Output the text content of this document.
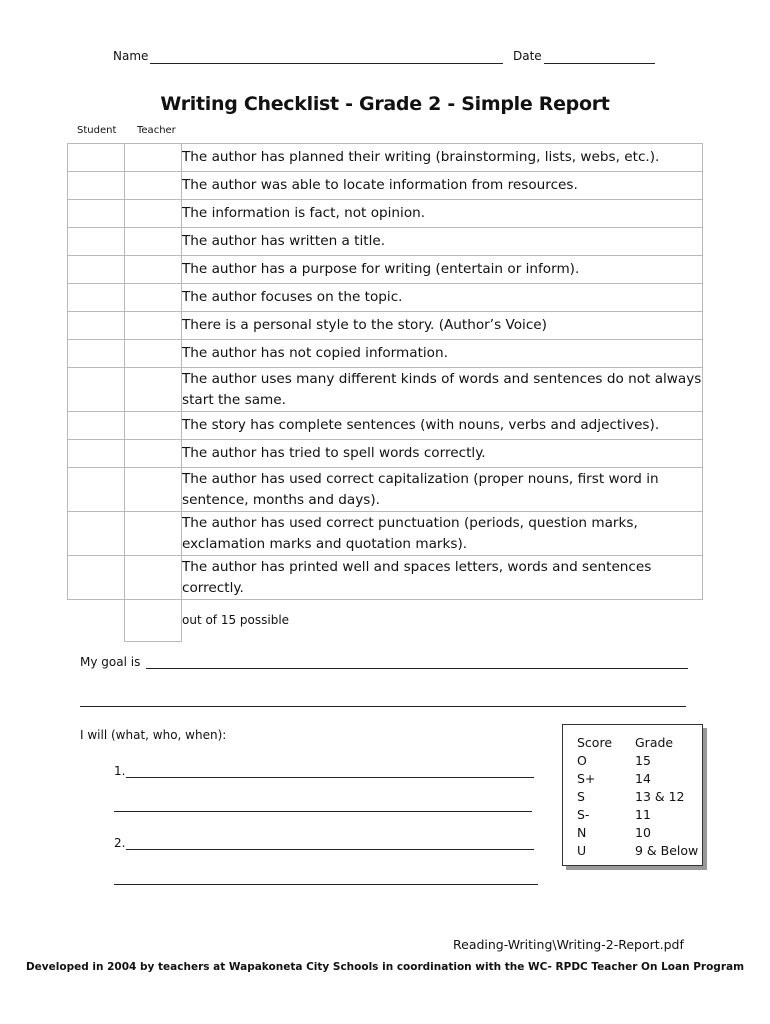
Name	Date
Writing Checklist - Grade 2 - Simple Report
Student Teacher
		The author has planned their writing (brainstorming, lists, webs, etc.).
		The author was able to locate information from resources.
		The information is fact, not opinion.
		The author has written a title.
		The author has a purpose for writing (entertain or inform).
		The author focuses on the topic.
		There is a personal style to the story. (Author’s Voice)
		The author has not copied information.
		The author uses many different kinds of words and sentences do not always start the same.
		The story has complete sentences (with nouns, verbs and adjectives).
		The author has tried to spell words correctly.
		The author has used correct capitalization (proper nouns, first word in sentence, months and days).
		The author has used correct punctuation (periods, question marks, exclamation marks and quotation marks).
		The author has printed well and spaces letters, words and sentences correctly.
		out of 15 possible
My goal is
I will (what, who, when):
1.
2.
Score Grade
O	15
S+	14
S	13 & 12
S-	11
N	10
U	9 & Below
Reading-Writing\Writing-2-Report.pdf
Developed in 2004 by teachers at Wapakoneta City Schools in coordination with the WC- RPDC Teacher On Loan Program
